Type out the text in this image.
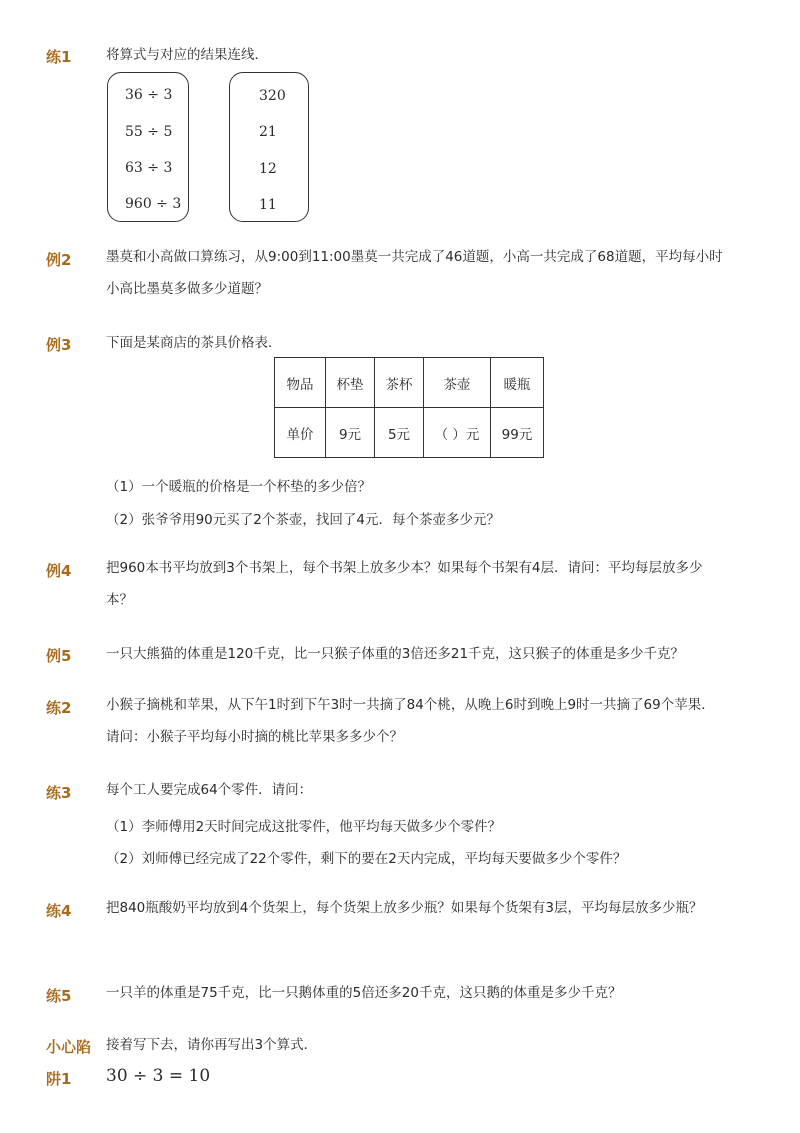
练1	将算式与对应的结果连线．
36 ÷ 3
55 ÷ 5
63 ÷ 3
960 ÷ 3
320
21
12
11
例2	墨莫和小高做口算练习，从9:00到11:00墨莫一共完成了46道题，小高一共完成了68道题，平均每小时小高比墨莫多做多少道题？
例3	下面是某商店的茶具价格表．
物品	杯垫	茶杯	茶壶	暖瓶
单价	9元	5元	（ ）元	99元
（1）一个暖瓶的价格是一个杯垫的多少倍？
（2）张爷爷用90元买了2个茶壶，找回了4元．每个茶壶多少元？
例4	把960本书平均放到3个书架上，每个书架上放多少本？如果每个书架有4层．请问：平均每层放多少本？
例5	一只大熊猫的体重是120千克，比一只猴子体重的3倍还多21千克，这只猴子的体重是多少千克？
练2	小猴子摘桃和苹果，从下午1时到下午3时一共摘了84个桃，从晚上6时到晚上9时一共摘了69个苹果．请问：小猴子平均每小时摘的桃比苹果多多少个？
练3	每个工人要完成64个零件．请问：
（1）李师傅用2天时间完成这批零件，他平均每天做多少个零件？
（2）刘师傅已经完成了22个零件，剩下的要在2天内完成，平均每天要做多少个零件？
练4	把840瓶酸奶平均放到4个货架上，每个货架上放多少瓶？如果每个货架有3层，平均每层放多少瓶？
练5	一只羊的体重是75千克，比一只鹅体重的5倍还多20千克，这只鹅的体重是多少千克？
小心陷 接着写下去，请你再写出3个算式．
阱1 30 ÷ 3 = 10
